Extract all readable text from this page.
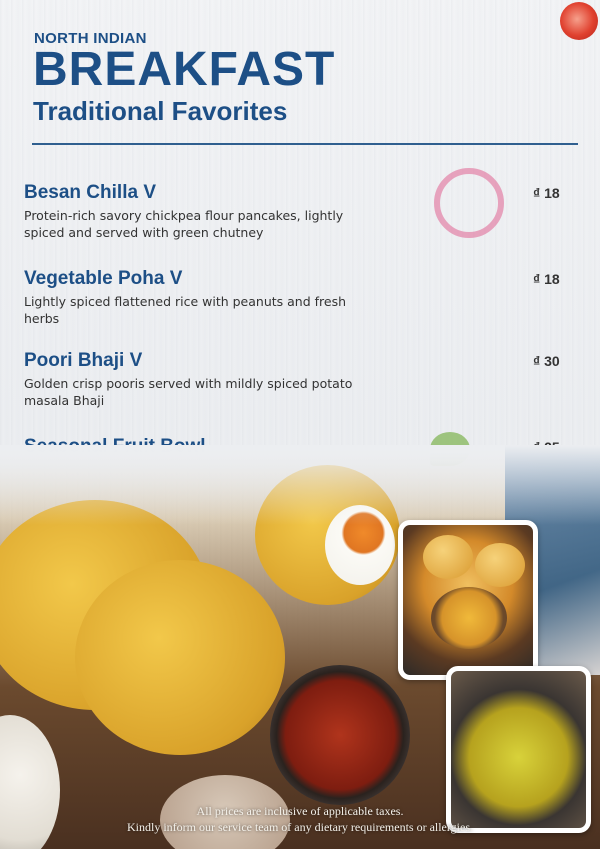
NORTH INDIAN
BREAKFAST
Traditional Favorites
Besan Chilla V	₫ 18
Protein-rich savory chickpea flour pancakes, lightly spiced and served with green chutney
Vegetable Poha V	₫ 18
Lightly spiced flattened rice with peanuts and fresh herbs
Poori Bhaji V	₫ 30
Golden crisp pooris served with mildly spiced potato masala Bhaji
All prices are inclusive of applicable taxes.
Kindly inform our service team of any dietary requirements or allergies.
